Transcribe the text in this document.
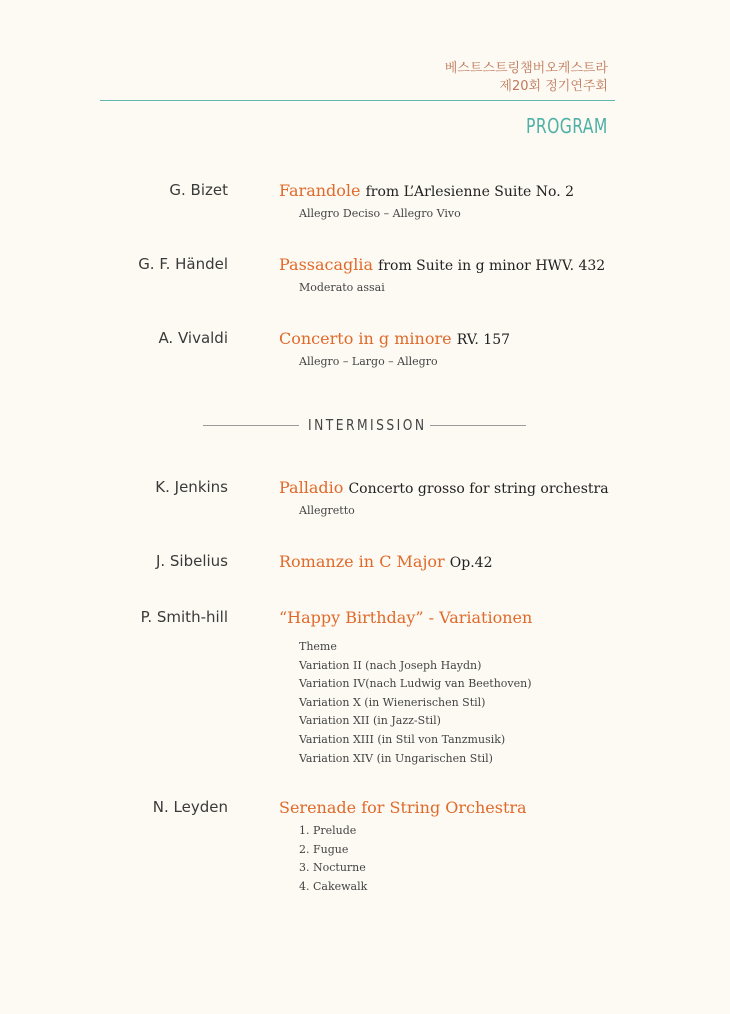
베스트스트링챔버오케스트라
제20회 정기연주회
PROGRAM
G. Bizet	Farandole from L’Arlesienne Suite No. 2
Allegro Deciso – Allegro Vivo
G. F. Händel	Passacaglia from Suite in g minor HWV. 432
Moderato assai
A. Vivaldi	Concerto in g minore RV. 157
Allegro – Largo – Allegro
INTERMISSION
K. Jenkins	Palladio Concerto grosso for string orchestra
Allegretto
J. Sibelius	Romanze in C Major Op.42
P. Smith-hill	“Happy Birthday” - Variationen
Theme
Variation II (nach Joseph Haydn)
Variation IV(nach Ludwig van Beethoven)
Variation X (in Wienerischen Stil)
Variation XII (in Jazz-Stil)
Variation XIII (in Stil von Tanzmusik)
Variation XIV (in Ungarischen Stil)
N. Leyden	Serenade for String Orchestra
1. Prelude
2. Fugue
3. Nocturne
4. Cakewalk
